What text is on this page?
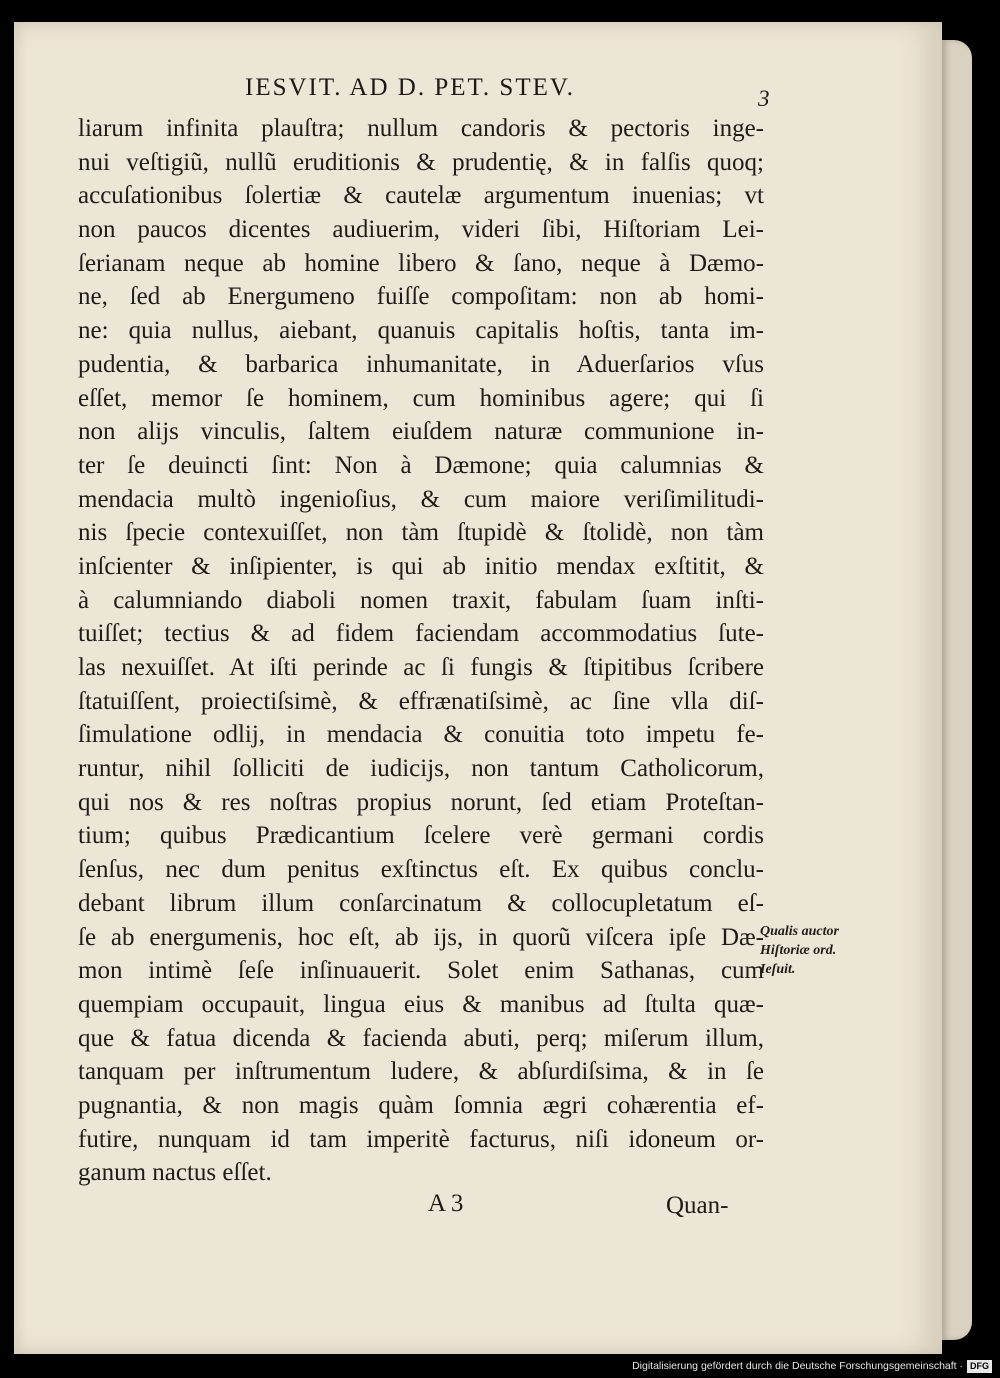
IESVIT. AD D. PET. STEV.	3
liarum infinita plauſtra; nullum candoris & pectoris inge-
nui veſtigiũ, nullũ eruditionis & prudentię, & in falſis quoq;
accuſationibus ſolertiæ & cautelæ argumentum inuenias; vt
non paucos dicentes audiuerim, videri ſibi, Hiſtoriam Lei-
ſerianam neque ab homine libero & ſano, neque à Dæmo-
ne, ſed ab Energumeno fuiſſe compoſitam: non ab homi-
ne: quia nullus, aiebant, quanuis capitalis hoſtis, tanta im-
pudentia, & barbarica inhumanitate, in Aduerſarios vſus
eſſet, memor ſe hominem, cum hominibus agere; qui ſi
non alijs vinculis, ſaltem eiuſdem naturæ communione in-
ter ſe deuincti ſint: Non à Dæmone; quia calumnias &
mendacia multò ingenioſius, & cum maiore veriſimilitudi-
nis ſpecie contexuiſſet, non tàm ſtupidè & ſtolidè, non tàm
inſcienter & inſipienter, is qui ab initio mendax exſtitit, &
à calumniando diaboli nomen traxit, fabulam ſuam inſti-
tuiſſet; tectius & ad fidem faciendam accommodatius ſute-
las nexuiſſet. At iſti perinde ac ſi fungis & ſtipitibus ſcribere
ſtatuiſſent, proiectiſsimè, & effrænatiſsimè, ac ſine vlla diſ-
ſimulatione odlij, in mendacia & conuitia toto impetu fe-
runtur, nihil ſolliciti de iudicijs, non tantum Catholicorum,
qui nos & res noſtras propius norunt, ſed etiam Proteſtan-
tium; quibus Prædicantium ſcelere verè germani cordis
ſenſus, nec dum penitus exſtinctus eſt. Ex quibus conclu-
debant librum illum conſarcinatum & collocupletatum eſ-
ſe ab energumenis, hoc eſt, ab ijs, in quorũ viſcera ipſe Dæ-
mon intimè ſeſe inſinuauerit. Solet enim Sathanas, cum
quempiam occupauit, lingua eius & manibus ad ſtulta quæ-
que & fatua dicenda & facienda abuti, perq; miſerum illum,
tanquam per inſtrumentum ludere, & abſurdiſsima, & in ſe
pugnantia, & non magis quàm ſomnia ægri cohærentia ef-
futire, nunquam id tam imperitè facturus, niſi idoneum or-
ganum nactus eſſet.
Qualis auctor
Hiſtoriæ ord.
Ieſuit.
A 3	Quan-
Digitalisierung gefördert durch die Deutsche Forschungsgemeinschaft · DFG
